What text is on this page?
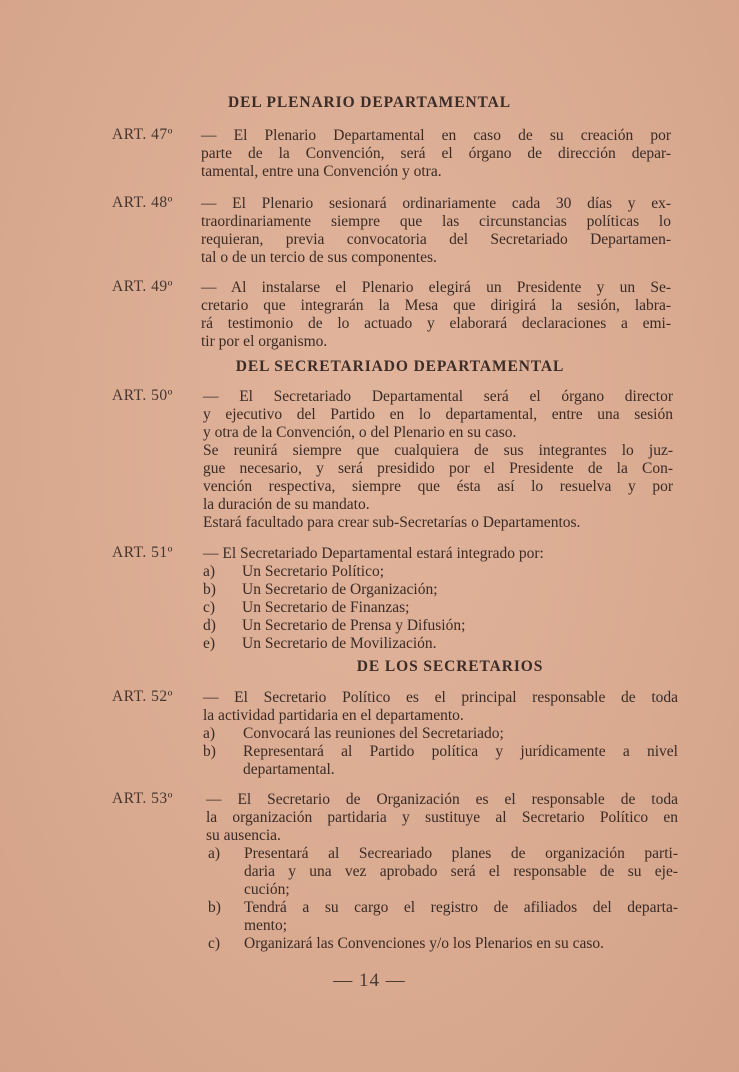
DEL PLENARIO DEPARTAMENTAL
ART. 47º — El Plenario Departamental en caso de su creación por
parte de la Convención, será el órgano de dirección depar-
tamental, entre una Convención y otra.
ART. 48º — El Plenario sesionará ordinariamente cada 30 días y ex-
traordinariamente siempre que las circunstancias políticas lo
requieran, previa convocatoria del Secretariado Departamen-
tal o de un tercio de sus componentes.
ART. 49º — Al instalarse el Plenario elegirá un Presidente y un Se-
cretario que integrarán la Mesa que dirigirá la sesión, labra-
rá testimonio de lo actuado y elaborará declaraciones a emi-
tir por el organismo.
DEL SECRETARIADO DEPARTAMENTAL
ART. 50º — El Secretariado Departamental será el órgano director
y ejecutivo del Partido en lo departamental, entre una sesión
y otra de la Convención, o del Plenario en su caso.
Se reunirá siempre que cualquiera de sus integrantes lo juz-
gue necesario, y será presidido por el Presidente de la Con-
vención respectiva, siempre que ésta así lo resuelva y por
la duración de su mandato.
Estará facultado para crear sub-Secretarías o Departamentos.
ART. 51º — El Secretariado Departamental estará integrado por:
a) Un Secretario Político;
b) Un Secretario de Organización;
c) Un Secretario de Finanzas;
d) Un Secretario de Prensa y Difusión;
e) Un Secretario de Movilización.
DE LOS SECRETARIOS
ART. 52º — El Secretario Político es el principal responsable de toda
la actividad partidaria en el departamento.
a) Convocará las reuniones del Secretariado;
b) Representará al Partido política y jurídicamente a nivel
departamental.
ART. 53º — El Secretario de Organización es el responsable de toda
la organización partidaria y sustituye al Secretario Político en
su ausencia.
a) Presentará al Secreariado planes de organización parti-
daria y una vez aprobado será el responsable de su eje-
cución;
b) Tendrá a su cargo el registro de afiliados del departa-
mento;
c) Organizará las Convenciones y/o los Plenarios en su caso.
— 14 —
